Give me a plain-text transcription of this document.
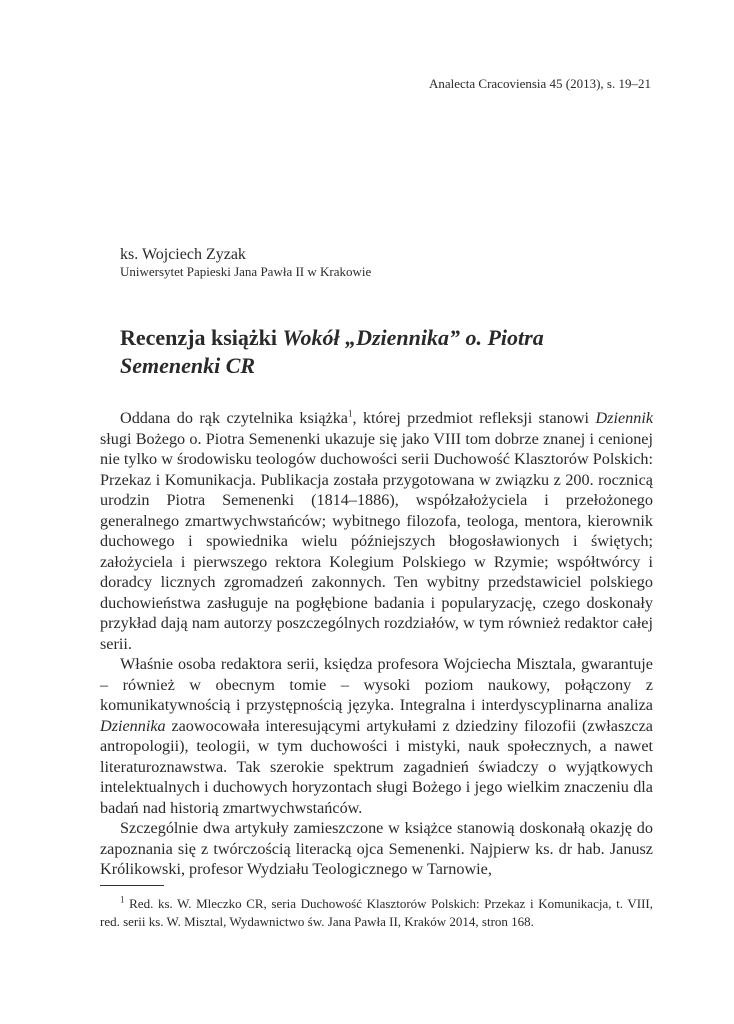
Analecta Cracoviensia 45 (2013), s. 19–21
ks. Wojciech Zyzak
Uniwersytet Papieski Jana Pawła II w Krakowie
Recenzja książki Wokół „Dziennika” o. Piotra Semenenki CR

Oddana do rąk czytelnika książka$^1$, której przedmiot refleksji stanowi Dziennik sługi Bożego o. Piotra Semenenki ukazuje się jako VIII tom dobrze znanej i cenionej nie tylko w środowisku teologów duchowości serii Duchowość Klasztorów Polskich: Przekaz i Komunikacja. Publikacja została przygotowana w związku z 200. rocznicą urodzin Piotra Semenenki (1814–1886), współzałożyciela i przełożonego generalnego zmartwychwstańców; wybitnego filozofa, teologa, mentora, kierownik duchowego i spowiednika wielu późniejszych błogosławionych i świętych; założyciela i pierwszego rektora Kolegium Polskiego w Rzymie; współtwórcy i doradcy licznych zgromadzeń zakonnych. Ten wybitny przedstawiciel polskiego duchowieństwa zasługuje na pogłębione badania i popularyzację, czego doskonały przykład dają nam autorzy poszczególnych rozdziałów, w tym również redaktor całej serii.

Właśnie osoba redaktora serii, księdza profesora Wojciecha Misztala, gwarantuje – również w obecnym tomie – wysoki poziom naukowy, połączony z komunikatywnością i przystępnością języka. Integralna i interdyscyplinarna analiza Dziennika zaowocowała interesującymi artykułami z dziedziny filozofii (zwłaszcza antropologii), teologii, w tym duchowości i mistyki, nauk społecznych, a nawet literaturoznawstwa. Tak szerokie spektrum zagadnień świadczy o wyjątkowych intelektualnych i duchowych horyzontach sługi Bożego i jego wielkim znaczeniu dla badań nad historią zmartwychwstańców.

Szczególnie dwa artykuły zamieszczone w książce stanowią doskonałą okazję do zapoznania się z twórczością literacką ojca Semenenki. Najpierw ks. dr hab. Janusz Królikowski, profesor Wydziału Teologicznego w Tarnowie,

$^1$ Red. ks. W. Mleczko CR, seria Duchowość Klasztorów Polskich: Przekaz i Komunikacja, t. VIII, red. serii ks. W. Misztal, Wydawnictwo św. Jana Pawła II, Kraków 2014, stron 168.
